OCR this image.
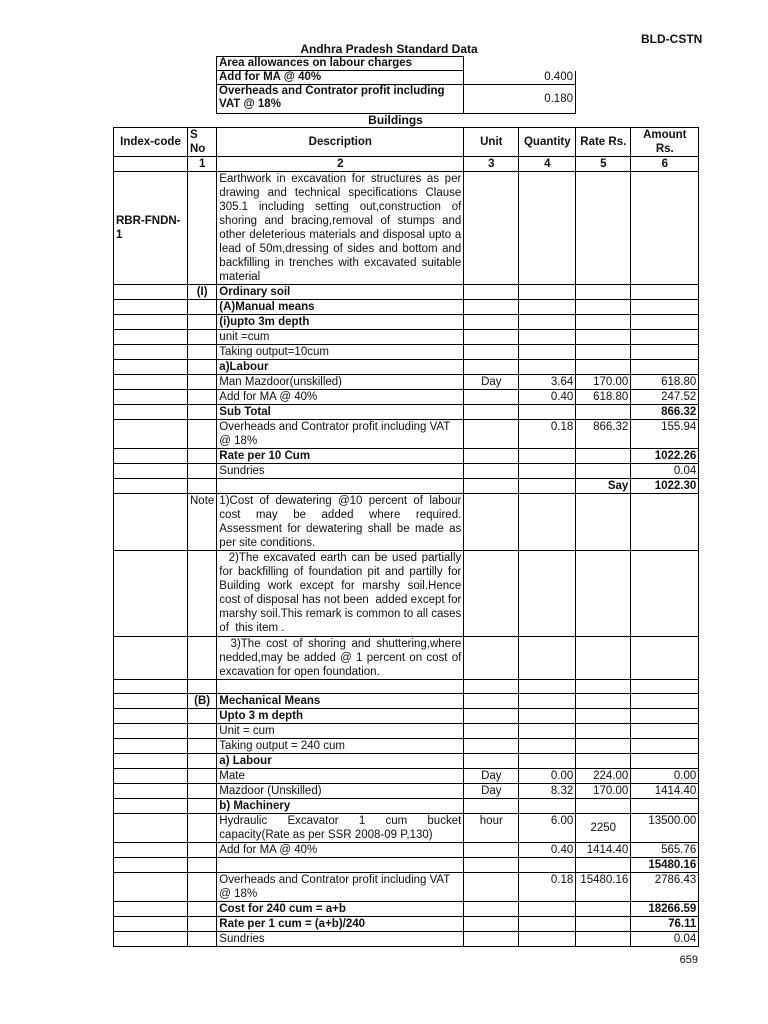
BLD-CSTN
Andhra Pradesh Standard Data
Area allowances on labour charges	
Add for MA @ 40%	0.400
Overheads and Contrator profit including VAT @ 18%	0.180
Buildings
Index-code	S No	Description	Unit	Quantity	Rate Rs.	Amount Rs.
	1	2	3	4	5	6
RBR-FNDN-1		Earthwork in excavation for structures as per drawing and technical specifications Clause 305.1 including setting out,construction of shoring and bracing,removal of stumps and other deleterious materials and disposal upto a lead of 50m,dressing of sides and bottom and backfilling in trenches with excavated suitable material				
	(I)	Ordinary soil				
		(A)Manual means				
		(i)upto 3m depth				
		unit =cum				
		Taking output=10cum				
		a)Labour				
		Man Mazdoor(unskilled)	Day	3.64	170.00	618.80
		Add for MA @ 40%		0.40	618.80	247.52
		Sub Total				866.32
		Overheads and Contrator profit including VAT @ 18%		0.18	866.32	155.94
		Rate per 10 Cum				1022.26
		Sundries				0.04
					Say	1022.30
	Note	1)Cost of dewatering @10 percent of labour cost may be added where required. Assessment for dewatering shall be made as per site conditions.				
		2)The excavated earth can be used partially for backfilling of foundation pit and partilly for Building work except for marshy soil.Hence cost of disposal has not been  added except for marshy soil.This remark is common to all cases of  this item .				
		3)The cost of shoring and shuttering,where nedded,may be added @ 1 percent on cost of excavation for open foundation.				

	(B)	Mechanical Means				
		Upto 3 m depth				
		Unit = cum				
		Taking output = 240 cum				
		a) Labour				
		Mate	Day	0.00	224.00	0.00
		Mazdoor (Unskilled)	Day	8.32	170.00	1414.40
		b) Machinery				
		Hydraulic Excavator 1 cum bucket capacity(Rate as per SSR 2008-09 P,130)	hour	6.00	2250	13500.00
		Add for MA @ 40%		0.40	1414.40	565.76
						15480.16
		Overheads and Contrator profit including VAT @ 18%		0.18	15480.16	2786.43
		Cost for 240 cum = a+b				18266.59
		Rate per 1 cum = (a+b)/240				76.11
		Sundries				0.04
659
